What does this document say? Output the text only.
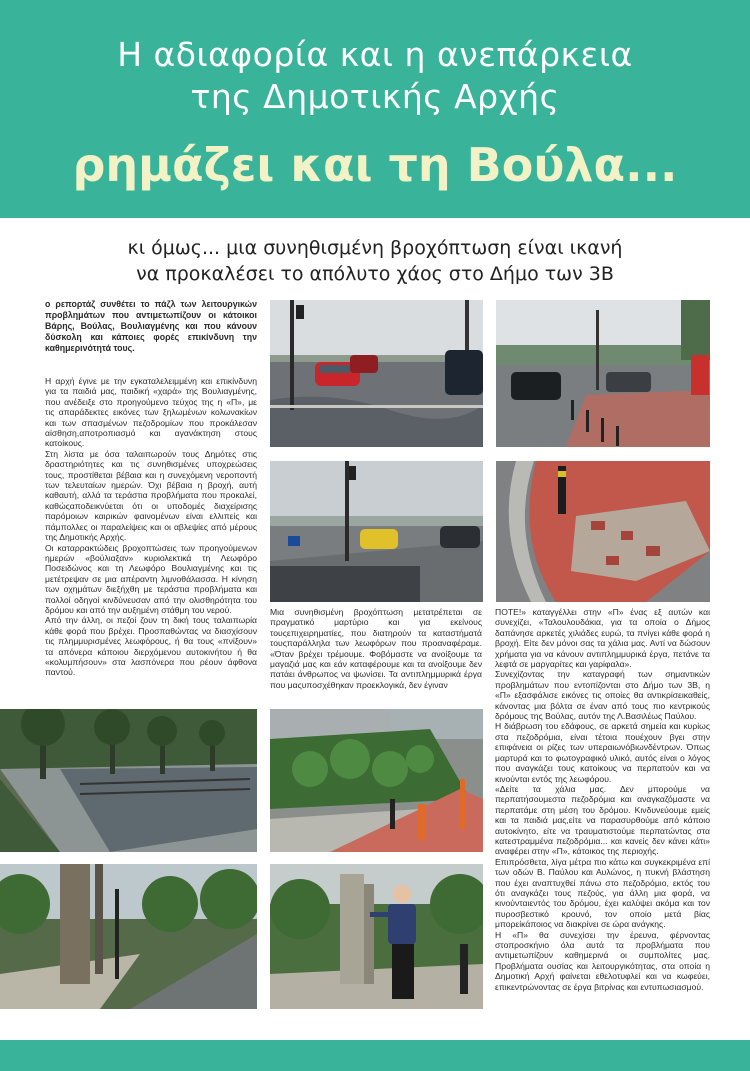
Η αδιαφορία και η ανεπάρκεια
της Δημοτικής Αρχής
ρημάζει και τη Βούλα...
κι όμως... μια συνηθισμένη βροχόπτωση είναι ικανή
να προκαλέσει το απόλυτο χάος στο Δήμο των 3Β

ο ρεπορτάζ συνθέτει το πάζλ των λειτουργικών προβλημάτων που αντιμετωπίζουν οι κάτοικοι Βάρης, Βούλας, Βουλιαγμένης και που κάνουν δύσκολη και κάποιες φορές επικίνδυνη την καθημερινότητά τους.

Η αρχή έγινε με την εγκαταλελειμμένη και επικίνδυνη για τα παιδιά μας, παιδική «χαρά» της Βουλιαγμένης, που ανέδειξε στο προηγούμενο τεύχος της η «Π», με τις απαράδεκτες εικόνες των ξηλωμένων κολωνακίων και των σπασμένων πεζοδρομίων που προκάλεσαν αίσθηση,αποτροπιασμό και αγανάκτηση στους κατοίκους.

Στη λίστα με όσα ταλαιπωρούν τους Δημότες στις δραστηριότητες και τις συνηθισμένες υποχρεώσεις τους, προστίθεται βέβαια και η συνεχόμενη νεροποντή των τελευταίων ημερών. Όχι βέβαια η βροχή, αυτή καθαυτή, αλλά τα τεράστια προβλήματα που προκαλεί, καθώςαποδεικνύεται ότι οι υποδομές διαχείρισης παρόμοιων καιρικών φαινομένων είναι ελλιπείς και πάμπολλες οι παραλείψεις και οι αβλεψίες από μέρους της Δημοτικής Αρχής.

Οι καταρρακτώδεις βροχοπτώσεις των προηγούμενων ημερών «βούλιαξαν» κυριολεκτικά τη Λεωφόρο Ποσειδώνος και τη Λεωφόρο Βουλιαγμένης και τις μετέτρεψαν σε μια απέραντη λιμνοθάλασσα. Η κίνηση των οχημάτων διεξήχθη με τεράστια προβλήματα και πολλοί οδηγοί κινδύνευσαν από την ολισθηρότητα του δρόμου και από την αυξημένη στάθμη του νερού.

Από την άλλη, οι πεζοί ζουν τη δική τους ταλαιπωρία κάθε φορά που βρέχει. Προσπαθώντας να διασχίσουν τις πλημμυρισμένες λεωφόρους, ή θα τους «πνίξουν» τα απόνερα κάποιου διερχόμενου αυτοκινήτου ή θα «κολυμπήσουν» στα λασπόνερα που ρέουν άφθονα παντού.

Μια συνηθισμένη βροχόπτωση μετατρέπεται σε πραγματικό μαρτύριο και για εκείνους τουςεπιχειρηματίες, που διατηρούν τα καταστήματά τουςπαράλληλα των λεωφόρων που προαναφέραμε. «Όταν βρέχει τρέμουμε. Φοβόμαστε να ανοίξουμε τα μαγαζιά μας και εάν καταφέρουμε και τα ανοίξουμε δεν πατάει άνθρωπος να ψωνίσει. Τα αντιπλημμυρικά έργα που μαςυποσχέθηκαν προεκλογικά, δεν έγιναν

ΠΟΤΕ!» καταγγέλλει στην «Π» ένας εξ αυτών και συνεχίζει, «Ταλουλουδάκια, για τα οποία ο Δήμος δαπάνησε αρκετές χιλιάδες ευρώ, τα πνίγει κάθε φορά η βροχή. Είτε δεν μόνοι σας τα χάλια μας. Αντί να δώσουν χρήματα για να κάνουν αντιπλημμυρικά έργα, πετάνε τα λεφτά σε μαργαρίτες και γαρίφαλα».

Συνεχίζοντας την καταγραφή των σημαντικών προβλημάτων που εντοπίζονται στο Δήμο των 3Β, η «Π» εξασφάλισε εικόνες τις οποίες θα αντικρίσεικαθείς, κάνοντας μια βόλτα σε έναν από τους πιο κεντρικούς δρόμους της Βούλας, αυτόν της Λ.Βασιλέως Παύλου.

Η διάβρωση του εδάφους, σε αρκετά σημεία και κυρίως στα πεζοδρόμια, είναι τέτοια πουέχουν βγει στην επιφάνεια οι ρίζες των υπεραιωνόβιωνδέντρων. Όπως μαρτυρά και το φωτογραφικό υλικό, αυτός είναι ο λόγος που αναγκάζει τους κατοίκους να περπατούν και να κινούνται εντός της λεωφόρου.

«Δείτε τα χάλια μας. Δεν μπορούμε να περπατήσουμεστα πεζοδρόμια και αναγκαζόμαστε να περπατάμε στη μέση του δρόμου. Κινδυνεύουμε εμείς και τα παιδιά μας,είτε να παρασυρθούμε από κάποιο αυτοκίνητο, είτε να τραυματιστούμε περπατώντας στα κατεστραμμένα πεζοδρόμια... και κανείς δεν κάνει κάτι» αναφέρει στην «Π», κάτοικος της περιοχής.

Επιπρόσθετα, λίγα μέτρα πιο κάτω και συγκεκριμένα επί των οδών Β. Παύλου και Αυλώνος, η πυκνή βλάστηση που έχει αναπτυχθεί πάνω στο πεζοδρόμιο, εκτός του ότι αναγκάζει τους πεζούς, για άλλη μια φορά, να κινούνταιεντός του δρόμου, έχει καλύψει ακόμα και τον πυροσβεστικό κρουνό, τον οποίο μετά βίας μπορείκάποιος να διακρίνει σε ώρα ανάγκης.

Η «Π» θα συνεχίσει την έρευνα, φέρνοντας στοπροσκήνιο όλα αυτά τα προβλήματα που αντιμετωπίζουν καθημερινά οι συμπολίτες μας. Προβλήματα ουσίας και λειτουργικότητας, στα οποία η Δημοτική Αρχή φαίνεται εθελοτυφλεί και να κωφεύει, επικεντρώνοντας σε έργα βιτρίνας και εντυπωσιασμού.
